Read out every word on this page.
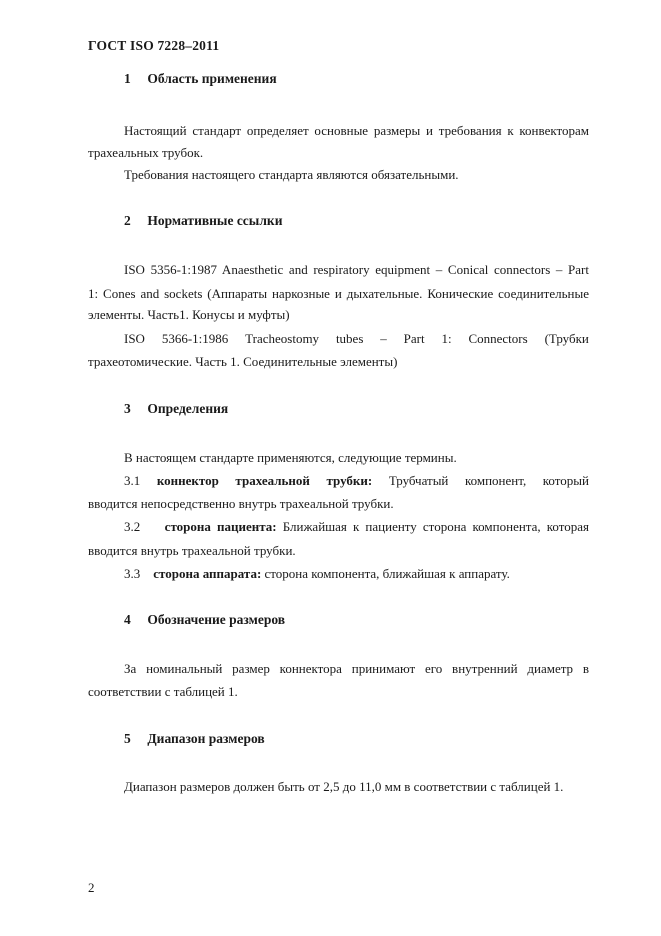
ГОСТ ISO 7228–2011
1 Область применения
Настоящий стандарт определяет основные размеры и требования к конвекторам
трахеальных трубок.
Требования настоящего стандарта являются обязательными.
2 Нормативные ссылки
ISO 5356-1:1987 Anaesthetic and respiratory equipment – Conical connectors – Part
1: Cones and sockets (Аппараты наркозные и дыхательные. Конические соединительные
элементы. Часть1. Конусы и муфты)
ISO 5366-1:1986 Tracheostomy tubes – Part 1: Connectors (Трубки
трахеотомические. Часть 1. Соединительные элементы)
3 Определения
В настоящем стандарте применяются, следующие термины.
3.1 коннектор трахеальной трубки: Трубчатый компонент, который
вводится непосредственно внутрь трахеальной трубки.
3.2 сторона пациента: Ближайшая к пациенту сторона компонента, которая
вводится внутрь трахеальной трубки.
3.3 сторона аппарата: сторона компонента, ближайшая к аппарату.
4 Обозначение размеров
За номинальный размер коннектора принимают его внутренний диаметр в
соответствии с таблицей 1.
5 Диапазон размеров
Диапазон размеров должен быть от 2,5 до 11,0 мм в соответствии с таблицей 1.
2
